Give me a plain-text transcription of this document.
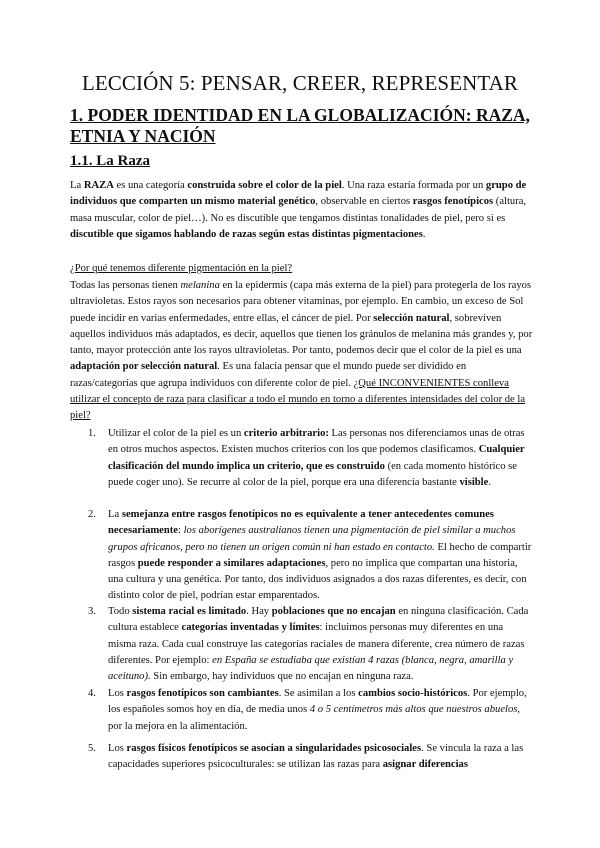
LECCIÓN 5: PENSAR, CREER, REPRESENTAR
1. PODER IDENTIDAD EN LA GLOBALIZACIÓN: RAZA, ETNIA Y NACIÓN
1.1. La Raza

La RAZA es una categoría construida sobre el color de la piel. Una raza estaría formada por un grupo de individuos que comparten un mismo material genético, observable en ciertos rasgos fenotípicos (altura, masa muscular, color de piel…). No es discutible que tengamos distintas tonalidades de piel, pero sí es discutible que sigamos hablando de razas según estas distintas pigmentaciones.

¿Por qué tenemos diferente pigmentación en la piel?

Todas las personas tienen melanina en la epidermis (capa más externa de la piel) para protegerla de los rayos ultravioletas. Estos rayos son necesarios para obtener vitaminas, por ejemplo. En cambio, un exceso de Sol puede incidir en varias enfermedades, entre ellas, el cáncer de piel. Por selección natural, sobreviven aquellos individuos más adaptados, es decir, aquellos que tienen los gránulos de melanina más grandes y, por tanto, mayor protección ante los rayos ultravioletas. Por tanto, podemos decir que el color de la piel es una adaptación por selección natural. Es una falacia pensar que el mundo puede ser dividido en razas/categorías que agrupa individuos con diferente color de piel. ¿Qué INCONVENIENTES conlleva utilizar el concepto de raza para clasificar a todo el mundo en torno a diferentes intensidades del color de la piel?

1.	Utilizar el color de la piel es un criterio arbitrario: Las personas nos diferenciamos unas de otras en otros muchos aspectos. Existen muchos criterios con los que podemos clasificamos. Cualquier clasificación del mundo implica un criterio, que es construido (en cada momento histórico se puede coger uno). Se recurre al color de la piel, porque era una diferencia bastante visible.
2.	La semejanza entre rasgos fenotípicos no es equivalente a tener antecedentes comunes necesariamente: los aborígenes australianos tienen una pigmentación de piel similar a muchos grupos africanos, pero no tienen un origen común ni han estado en contacto. El hecho de compartir rasgos puede responder a similares adaptaciones, pero no implica que compartan una historia, una cultura y una genética. Por tanto, dos individuos asignados a dos razas diferentes, es decir, con distinto color de piel, podrían estar emparentados.
3.	Todo sistema racial es limitado. Hay poblaciones que no encajan en ninguna clasificación. Cada cultura establece categorías inventadas y límites: incluimos personas muy diferentes en una misma raza. Cada cual construye las categorías raciales de manera diferente, crea número de razas diferentes. Por ejemplo: en España se estudiaba que existían 4 razas (blanca, negra, amarilla y aceituno). Sin embargo, hay individuos que no encajan en ninguna raza.
4.	Los rasgos fenotípicos son cambiantes. Se asimilan a los cambios socio-históricos. Por ejemplo, los españoles somos hoy en día, de media unos 4 o 5 centímetros más altos que nuestros abuelos, por la mejora en la alimentación.
5.	Los rasgos físicos fenotípicos se asocian a singularidades psicosociales. Se vincula la raza a las capacidades superiores psicoculturales: se utilizan las razas para asignar diferencias
